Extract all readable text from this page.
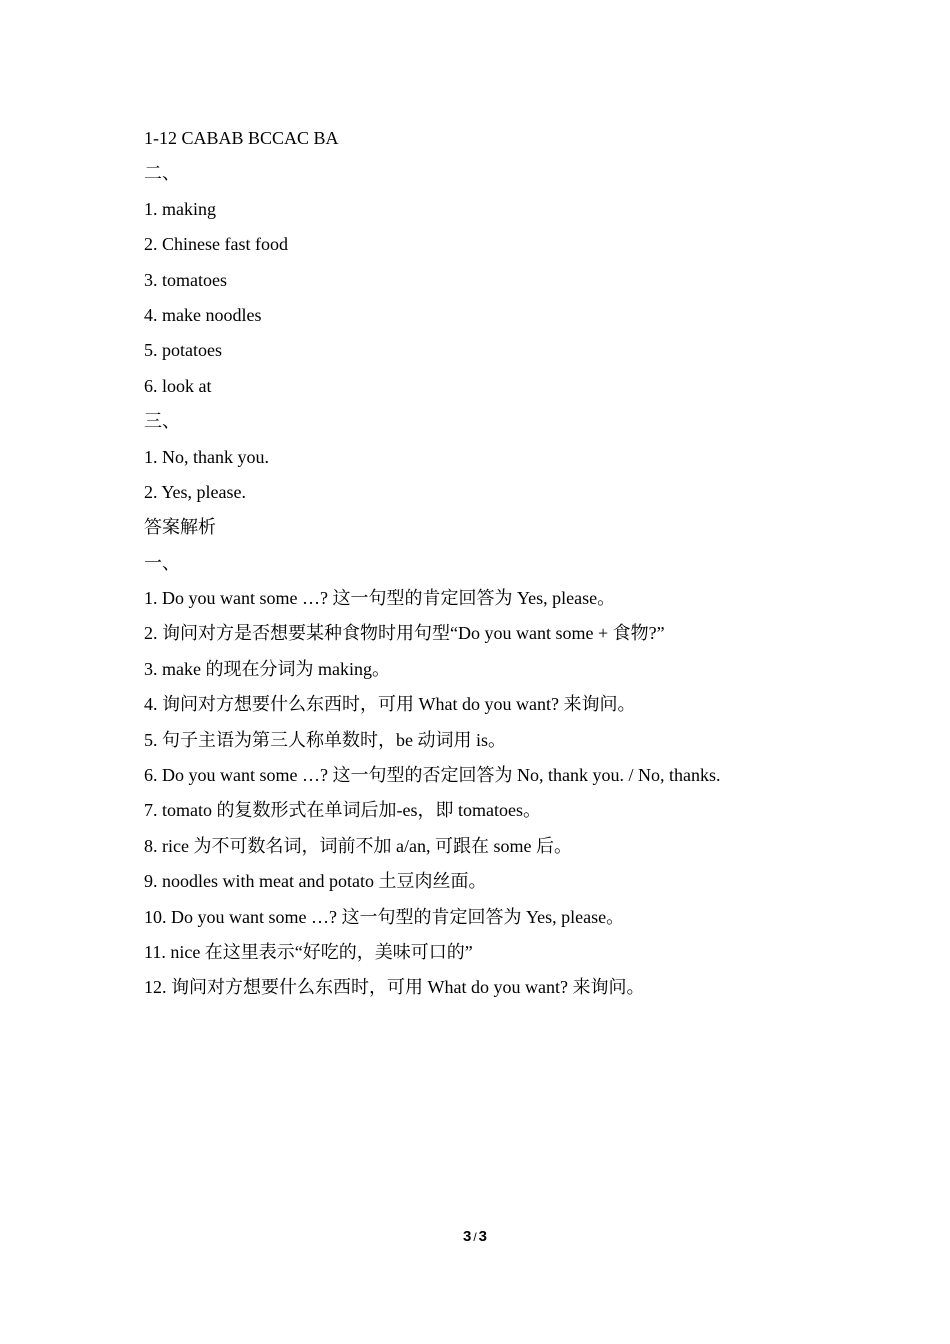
1-12 CABAB BCCAC BA
二、
1. making
2. Chinese fast food
3. tomatoes
4. make noodles
5. potatoes
6. look at
三、
1. No, thank you.
2. Yes, please.
答案解析
一、
1. Do you want some …? 这一句型的肯定回答为 Yes, please。
2. 询问对方是否想要某种食物时用句型“Do you want some + 食物?”
3. make 的现在分词为 making。
4. 询问对方想要什么东西时，可用 What do you want? 来询问。
5. 句子主语为第三人称单数时，be 动词用 is。
6. Do you want some …? 这一句型的否定回答为 No, thank you. / No, thanks.
7. tomato 的复数形式在单词后加-es，即 tomatoes。
8. rice 为不可数名词，词前不加 a/an, 可跟在 some 后。
9. noodles with meat and potato 土豆肉丝面。
10. Do you want some …? 这一句型的肯定回答为 Yes, please。
11. nice 在这里表示“好吃的，美味可口的”
12. 询问对方想要什么东西时，可用 What do you want? 来询问。
3 / 3
